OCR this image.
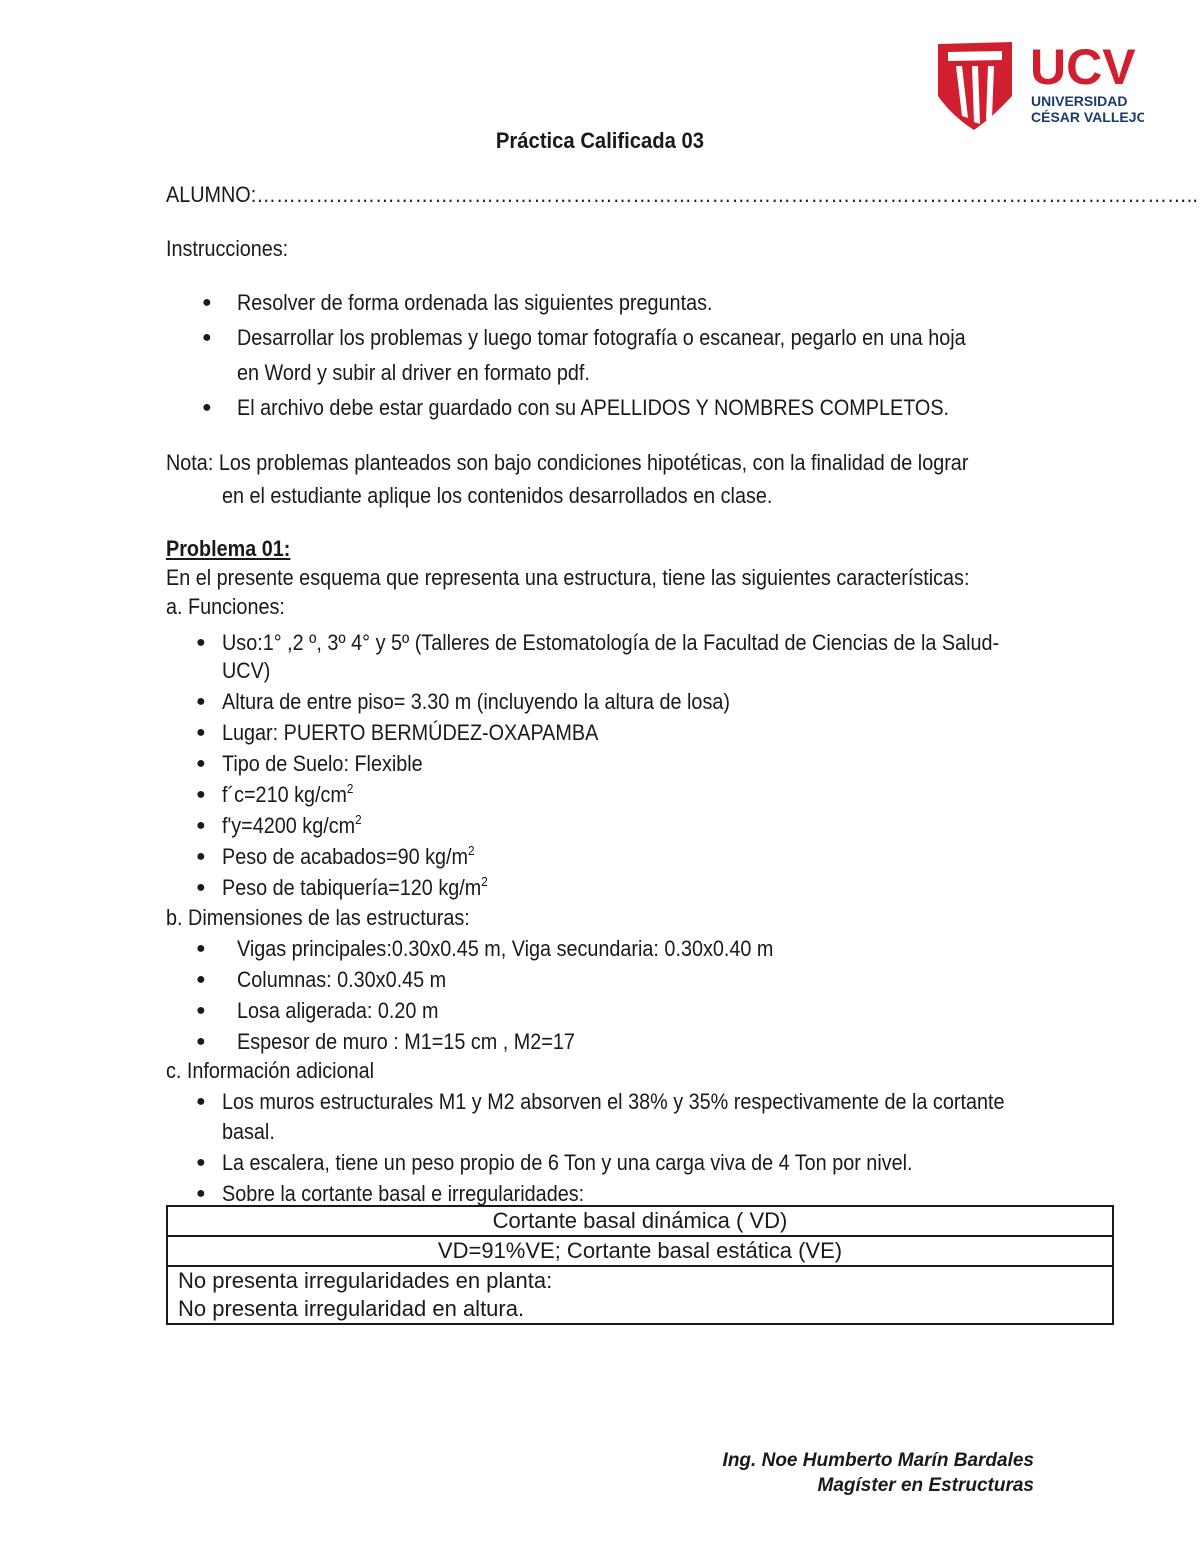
UCV
UNIVERSIDAD
CÉSAR VALLEJO
Práctica Calificada 03
ALUMNO:……………………………………………………………………………………………………………………………..
Instrucciones:
● Resolver de forma ordenada las siguientes preguntas.
● Desarrollar los problemas y luego tomar fotografía o escanear, pegarlo en una hoja
en Word y subir al driver en formato pdf.
● El archivo debe estar guardado con su APELLIDOS Y NOMBRES COMPLETOS.
Nota: Los problemas planteados son bajo condiciones hipotéticas, con la finalidad de lograr
en el estudiante aplique los contenidos desarrollados en clase.
Problema 01:
En el presente esquema que representa una estructura, tiene las siguientes características:
a. Funciones:
● Uso:1° ,2 º, 3º 4° y 5º (Talleres de Estomatología de la Facultad de Ciencias de la Salud-
UCV)
● Altura de entre piso= 3.30 m (incluyendo la altura de losa)
● Lugar: PUERTO BERMÚDEZ-OXAPAMBA
● Tipo de Suelo: Flexible
● f´c=210 $kg/cm^2$
● f'y=4200 $kg/cm^2$
● Peso de acabados=90 $kg/m^2$
● Peso de tabiquería=120 $kg/m^2$
b. Dimensiones de las estructuras:
● Vigas principales:0.30x0.45 m, Viga secundaria: 0.30x0.40 m
● Columnas: 0.30x0.45 m
● Losa aligerada: 0.20 m
● Espesor de muro : M1=15 cm , M2=17
c. Información adicional
● Los muros estructurales M1 y M2 absorven el 38% y 35% respectivamente de la cortante
basal.
● La escalera, tiene un peso propio de 6 Ton y una carga viva de 4 Ton por nivel.
● Sobre la cortante basal e irregularidades:
Cortante basal dinámica ( VD)
VD=91%VE; Cortante basal estática (VE)

No presenta irregularidades en planta:
No presenta irregularidad en altura.
Ing. Noe Humberto Marín Bardales
Magíster en Estructuras
